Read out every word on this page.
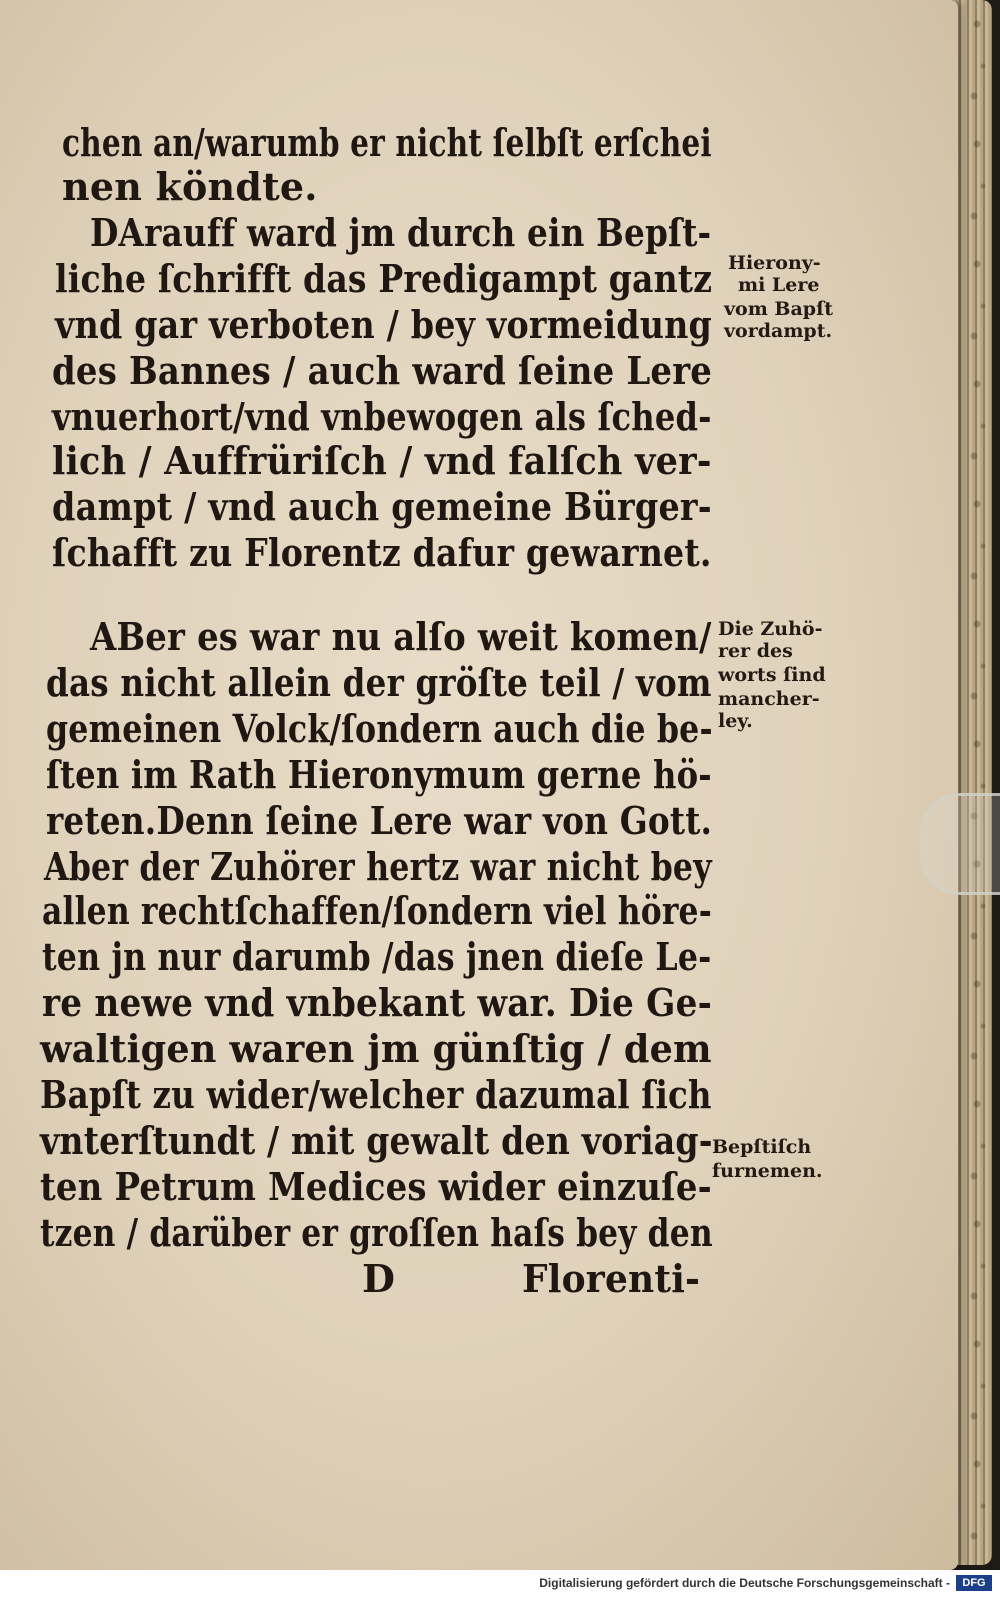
chen an/warumb er nicht ſelbſt erſchei

nen köndte.

DArauff ward jm durch ein Bepſt-

liche ſchrifft das Predigampt gantz

vnd gar verboten / bey vormeidung

des Bannes / auch ward ſeine Lere

vnuerhort/vnd vnbewogen als ſched-

lich / Auffrüriſch / vnd falſch ver-

dampt / vnd auch gemeine Bürger-

ſchafft zu Florentz dafur gewarnet.

ABer es war nu alſo weit komen/

das nicht allein der gröſte teil / vom

gemeinen Volck/ſondern auch die be-

ſten im Rath Hieronymum gerne hö-

reten.Denn ſeine Lere war von Gott.

Aber der Zuhörer hertz war nicht bey

allen rechtſchaffen/ſondern viel höre-

ten jn nur darumb /das jnen dieſe Le-

re newe vnd vnbekant war. Die Ge-

waltigen waren jm günſtig / dem

Bapſt zu wider/welcher dazumal ſich

vnterſtundt / mit gewalt den voriag-

ten Petrum Medices wider einzuſe-

tzen / darüber er groſſen haſs bey den

D	Florenti-

Hierony-

mi Lere

vom Bapſt

vordampt.

Die Zuhö-

rer des

worts ſind

mancher-

ley.

Bepſtiſch

furnemen.

Digitalisierung gefördert durch die Deutsche Forschungsgemeinschaft -	DFG
